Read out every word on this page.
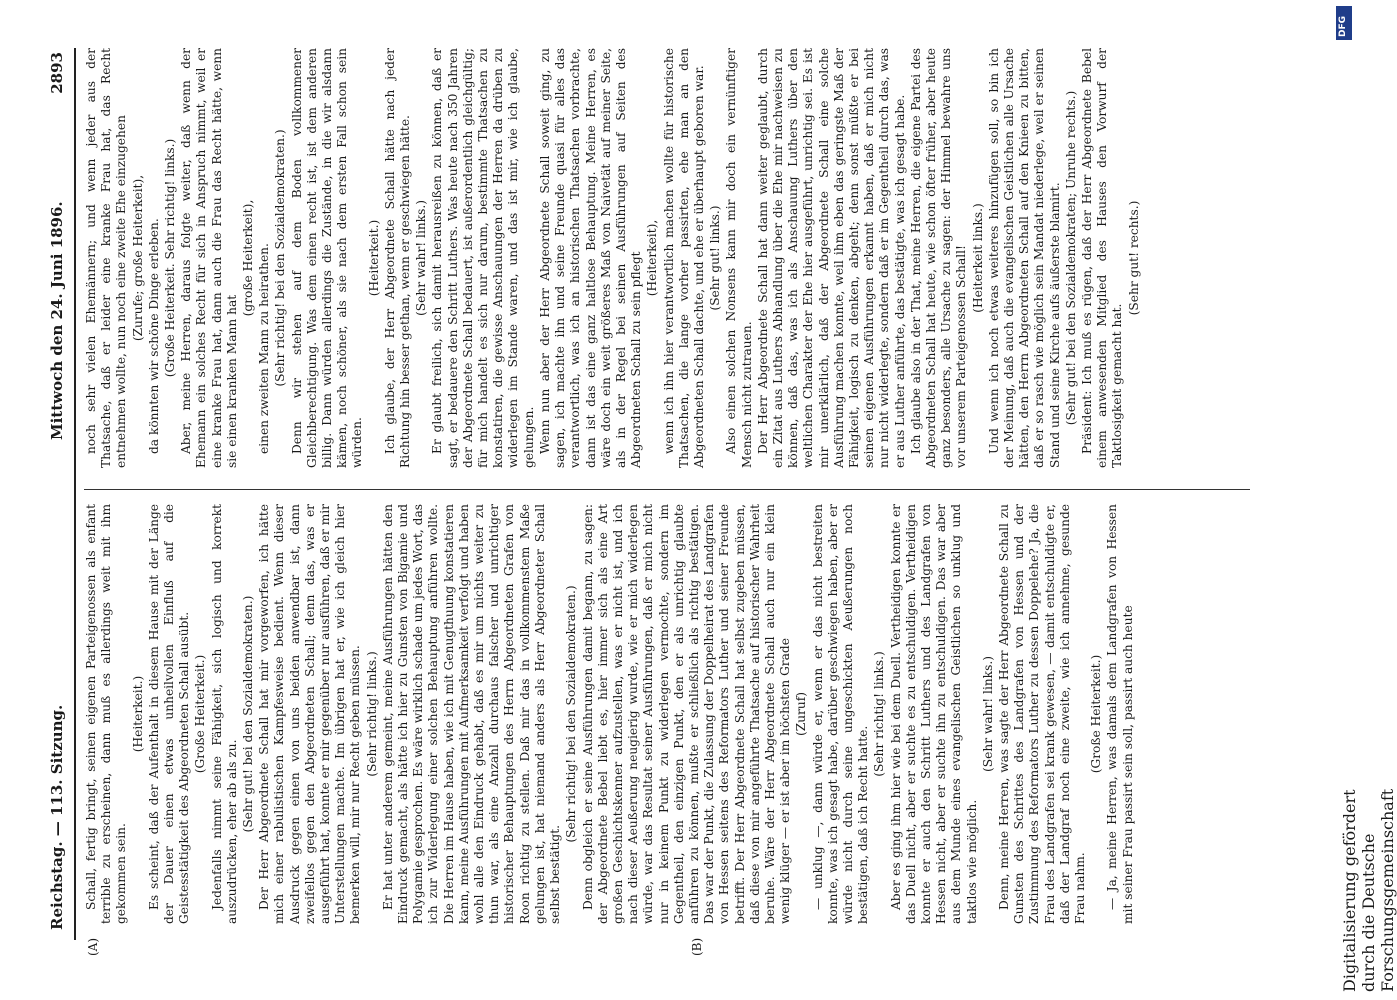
Reichstag. — 113. Sitzung.
Mittwoch den 24. Juni 1896.
2893
(A)	(B)

Schall, fertig bringt, seinen eigenen Parteigenossen als enfant terrible zu erscheinen, dann muß es allerdings weit mit ihm gekommen sein.

(Heiterkeit.) Es scheint, daß der Aufenthalt in diesem Hause mit der Länge der Dauer einen etwas unheilvollen Einfluß auf die Geistesstätigkeit des Abgeordneten Schall ausübt. (Große Heiterkeit.) Jedenfalls nimmt seine Fähigkeit, sich logisch und korrekt auszudrücken, eher ab als zu. (Sehr gut! bei den Sozialdemokraten.) Der Herr Abgeordnete Schall hat mir vorgeworfen, ich hätte mich einer rabulistischen Kampfesweise bedient. Wenn dieser Ausdruck gegen einen von uns beiden anwendbar ist, dann zweifellos gegen den Abgeordneten Schall; denn das, was er ausgeführt hat, konnte er mir gegenüber nur ausführen, daß er mir Unterstellungen machte. Im übrigen hat er, wie ich gleich hier bemerken will, mir nur Recht geben müssen. (Sehr richtig! links.) Er hat unter anderem gemeint, meine Ausführungen hätten den Eindruck gemacht, als hätte ich hier zu Gunsten von Bigamie und Polygamie gesprochen. Es wäre wirklich schade um jedes Wort, das ich zur Widerlegung einer solchen Behauptung anführen wollte. Die Herren im Hause haben, wie ich mit Genugthuung konstatieren kann, meine Ausführungen mit Aufmerksamkeit verfolgt und haben wohl alle den Eindruck gehabt, daß es mir um nichts weiter zu thun war, als eine Anzahl durchaus falscher und unrichtiger historischer Behauptungen des Herrn Abgeordneten Grafen von Roon richtig zu stellen. Daß mir das in vollkommenstem Maße gelungen ist, hat niemand anders als Herr Abgeordneter Schall selbst bestätigt.

(Sehr richtig! bei den Sozialdemokraten.) Denn obgleich er seine Ausführungen damit begann, zu sagen: der Abgeordnete Bebel liebt es, hier immer sich als eine Art großen Geschichtskenner aufzustellen, was er nicht ist, und ich nach dieser Aeußerung neugierig wurde, wie er mich widerlegen würde, war das Resultat seiner Ausführungen, daß er mich nicht nur in keinem Punkt zu widerlegen vermochte, sondern im Gegentheil, den einzigen Punkt, den er als unrichtig glaubte anführen zu können, mußte er schließlich als richtig bestätigen. Das war der Punkt, die Zulassung der Doppelheirat des Landgrafen von Hessen seitens des Reformators Luther und seiner Freunde betrifft. Der Herr Abgeordnete Schall hat selbst zugeben müssen, daß diese von mir angeführte Thatsache auf historischer Wahrheit beruhe. Wäre der Herr Abgeordnete Schall auch nur ein klein wenig klüger — er ist aber im höchsten Grade (Zuruf) — unklug —, dann würde er, wenn er das nicht bestreiten konnte, was ich gesagt habe, darüber geschwiegen haben, aber er würde nicht durch seine ungeschickten Aeußerungen noch bestätigen, daß ich Recht hatte.

(Sehr richtig! links.) Aber es ging ihm hier wie bei dem Duell. Vertheidigen konnte er das Duell nicht, aber er suchte es zu entschuldigen. Vertheidigen konnte er auch den Schritt Luthers und des Landgrafen von Hessen nicht, aber er suchte ihn zu entschuldigen. Das war aber aus dem Munde eines evangelischen Geistlichen so unklug und taktlos wie möglich.

(Sehr wahr! links.) Denn, meine Herren, was sagte der Herr Abgeordnete Schall zu Gunsten des Schrittes des Landgrafen von Hessen und der Zustimmung des Reformators Luther zu dessen Doppelehe? Ja, die Frau des Landgrafen sei krank gewesen, — damit entschuldigte er, daß der Landgraf noch eine zweite, wie ich annehme, gesunde Frau nahm.

(Große Heiterkeit.) — Ja, meine Herren, was damals dem Landgrafen von Hessen mit seiner Frau passirt sein soll, passirt auch heute

noch sehr vielen Ehemännern; und wenn jeder aus der Thatsache, daß er leider eine kranke Frau hat, das Recht entnehmen wollte, nun noch eine zweite Ehe einzugehen (Zurufe; große Heiterkeit), da könnten wir schöne Dinge erleben. (Große Heiterkeit. Sehr richtig! links.) Aber, meine Herren, daraus folgte weiter, daß wenn der Ehemann ein solches Recht für sich in Anspruch nimmt, weil er eine kranke Frau hat, dann auch die Frau das Recht hätte, wenn sie einen kranken Mann hat

(große Heiterkeit), einen zweiten Mann zu heirathen. (Sehr richtig! bei den Sozialdemokraten.) Denn wir stehen auf dem Boden vollkommener Gleichberechtigung. Was dem einen recht ist, ist dem anderen billig. Dann würden allerdings die Zustände, in die wir alsdann kämen, noch schöner, als sie nach dem ersten Fall schon sein würden.

(Heiterkeit.) Ich glaube, der Herr Abgeordnete Schall hätte nach jeder Richtung hin besser gethan, wenn er geschwiegen hätte. (Sehr wahr! links.) Er glaubt freilich, sich damit herausreißen zu können, daß er sagt, er bedauere den Schritt Luthers. Was heute nach 350 Jahren der Abgeordnete Schall bedauert, ist außerordentlich gleichgültig; für mich handelt es sich nur darum, bestimmte Thatsachen zu konstatiren, die gewisse Anschauungen der Herren da drüben zu widerlegen im Stande waren, und das ist mir, wie ich glaube, gelungen. Wenn nun aber der Herr Abgeordnete Schall soweit ging, zu sagen, ich machte ihn und seine Freunde quasi für alles das verantwortlich, was ich an historischen Thatsachen vorbrachte, dann ist das eine ganz haltlose Behauptung. Meine Herren, es wäre doch ein weit größeres Maß von Naivetät auf meiner Seite, als in der Regel bei seinen Ausführungen auf Seiten des Abgeordneten Schall zu sein pflegt (Heiterkeit), wenn ich ihn hier verantwortlich machen wollte für historische Thatsachen, die lange vorher passirten, ehe man an den Abgeordneten Schall dachte, und ehe er überhaupt geboren war. (Sehr gut! links.) Also einen solchen Nonsens kann mir doch ein vernünftiger Mensch nicht zutrauen. Der Herr Abgeordnete Schall hat dann weiter geglaubt, durch ein Zitat aus Luthers Abhandlung über die Ehe mir nachweisen zu können, daß das, was ich als Anschauung Luthers über den weltlichen Charakter der Ehe hier ausgeführt, unrichtig sei. Es ist mir unerklärlich, daß der Abgeordnete Schall eine solche Ausführung machen konnte, weil ihm eben das geringste Maß der Fähigkeit, logisch zu denken, abgeht; denn sonst müßte er bei seinen eigenen Ausführungen erkannt haben, daß er mich nicht nur nicht widerlegte, sondern daß er im Gegentheil durch das, was er aus Luther anführte, das bestätigte, was ich gesagt habe. Ich glaube also in der That, meine Herren, die eigene Partei des Abgeordneten Schall hat heute, wie schon öfter früher, aber heute ganz besonders, alle Ursache zu sagen: der Himmel bewahre uns vor unserem Parteigenossen Schall! (Heiterkeit links.) Und wenn ich noch etwas weiteres hinzufügen soll, so bin ich der Meinung, daß auch die evangelischen Geistlichen alle Ursache hätten, den Herrn Abgeordneten Schall auf den Knieen zu bitten, daß er so rasch wie möglich sein Mandat niederlege, weil er seinen Stand und seine Kirche aufs äußerste blamirt. (Sehr gut! bei den Sozialdemokraten; Unruhe rechts.) Präsident: Ich muß es rügen, daß der Herr Abgeordnete Bebel einem anwesenden Mitglied des Hauses den Vorwurf der Taktlosigkeit gemacht hat.

(Sehr gut! rechts.)

DFG
Digitalisierung gefördert durch die Deutsche Forschungsgemeinschaft
